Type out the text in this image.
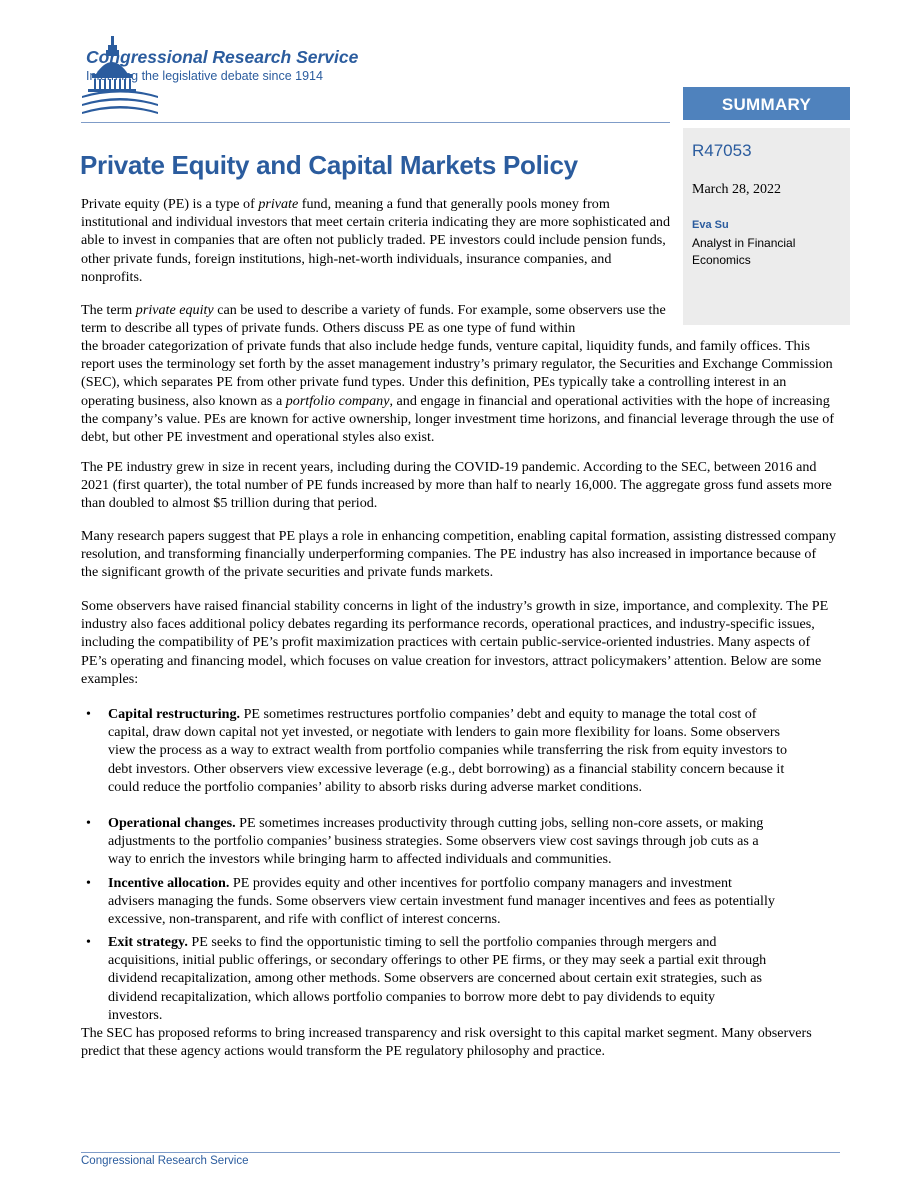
Congressional Research Service
Informing the legislative debate since 1914
SUMMARY
R47053
March 28, 2022
Eva Su
Analyst in Financial Economics
Private Equity and Capital Markets Policy

Private equity (PE) is a type of private fund, meaning a fund that generally pools money from institutional and individual investors that meet certain criteria indicating they are more sophisticated and able to invest in companies that are often not publicly traded. PE investors could include pension funds, other private funds, foreign institutions, high-net-worth individuals, insurance companies, and nonprofits.

The term private equity can be used to describe a variety of funds. For example, some observers use the term to describe all types of private funds. Others discuss PE as one type of fund within

the broader categorization of private funds that also include hedge funds, venture capital, liquidity funds, and family offices. This report uses the terminology set forth by the asset management industry’s primary regulator, the Securities and Exchange Commission (SEC), which separates PE from other private fund types. Under this definition, PEs typically take a controlling interest in an operating business, also known as a portfolio company, and engage in financial and operational activities with the hope of increasing the company’s value. PEs are known for active ownership, longer investment time horizons, and financial leverage through the use of debt, but other PE investment and operational styles also exist.

The PE industry grew in size in recent years, including during the COVID-19 pandemic. According to the SEC, between 2016 and 2021 (first quarter), the total number of PE funds increased by more than half to nearly 16,000. The aggregate gross fund assets more than doubled to almost $5 trillion during that period.

Many research papers suggest that PE plays a role in enhancing competition, enabling capital formation, assisting distressed company resolution, and transforming financially underperforming companies. The PE industry has also increased in importance because of the significant growth of the private securities and private funds markets.

Some observers have raised financial stability concerns in light of the industry’s growth in size, importance, and complexity. The PE industry also faces additional policy debates regarding its performance records, operational practices, and industry-specific issues, including the compatibility of PE’s profit maximization practices with certain public-service-oriented industries. Many aspects of PE’s operating and financing model, which focuses on value creation for investors, attract policymakers’ attention. Below are some examples:

• Capital restructuring. PE sometimes restructures portfolio companies’ debt and equity to manage the total cost of capital, draw down capital not yet invested, or negotiate with lenders to gain more flexibility for loans. Some observers view the process as a way to extract wealth from portfolio companies while transferring the risk from equity investors to debt investors. Other observers view excessive leverage (e.g., debt borrowing) as a financial stability concern because it could reduce the portfolio companies’ ability to absorb risks during adverse market conditions.

• Operational changes. PE sometimes increases productivity through cutting jobs, selling non-core assets, or making adjustments to the portfolio companies’ business strategies. Some observers view cost savings through job cuts as a way to enrich the investors while bringing harm to affected individuals and communities.

• Incentive allocation. PE provides equity and other incentives for portfolio company managers and investment advisers managing the funds. Some observers view certain investment fund manager incentives and fees as potentially excessive, non-transparent, and rife with conflict of interest concerns.

• Exit strategy. PE seeks to find the opportunistic timing to sell the portfolio companies through mergers and acquisitions, initial public offerings, or secondary offerings to other PE firms, or they may seek a partial exit through dividend recapitalization, among other methods. Some observers are concerned about certain exit strategies, such as dividend recapitalization, which allows portfolio companies to borrow more debt to pay dividends to equity investors.

The SEC has proposed reforms to bring increased transparency and risk oversight to this capital market segment. Many observers predict that these agency actions would transform the PE regulatory philosophy and practice.

Congressional Research Service
